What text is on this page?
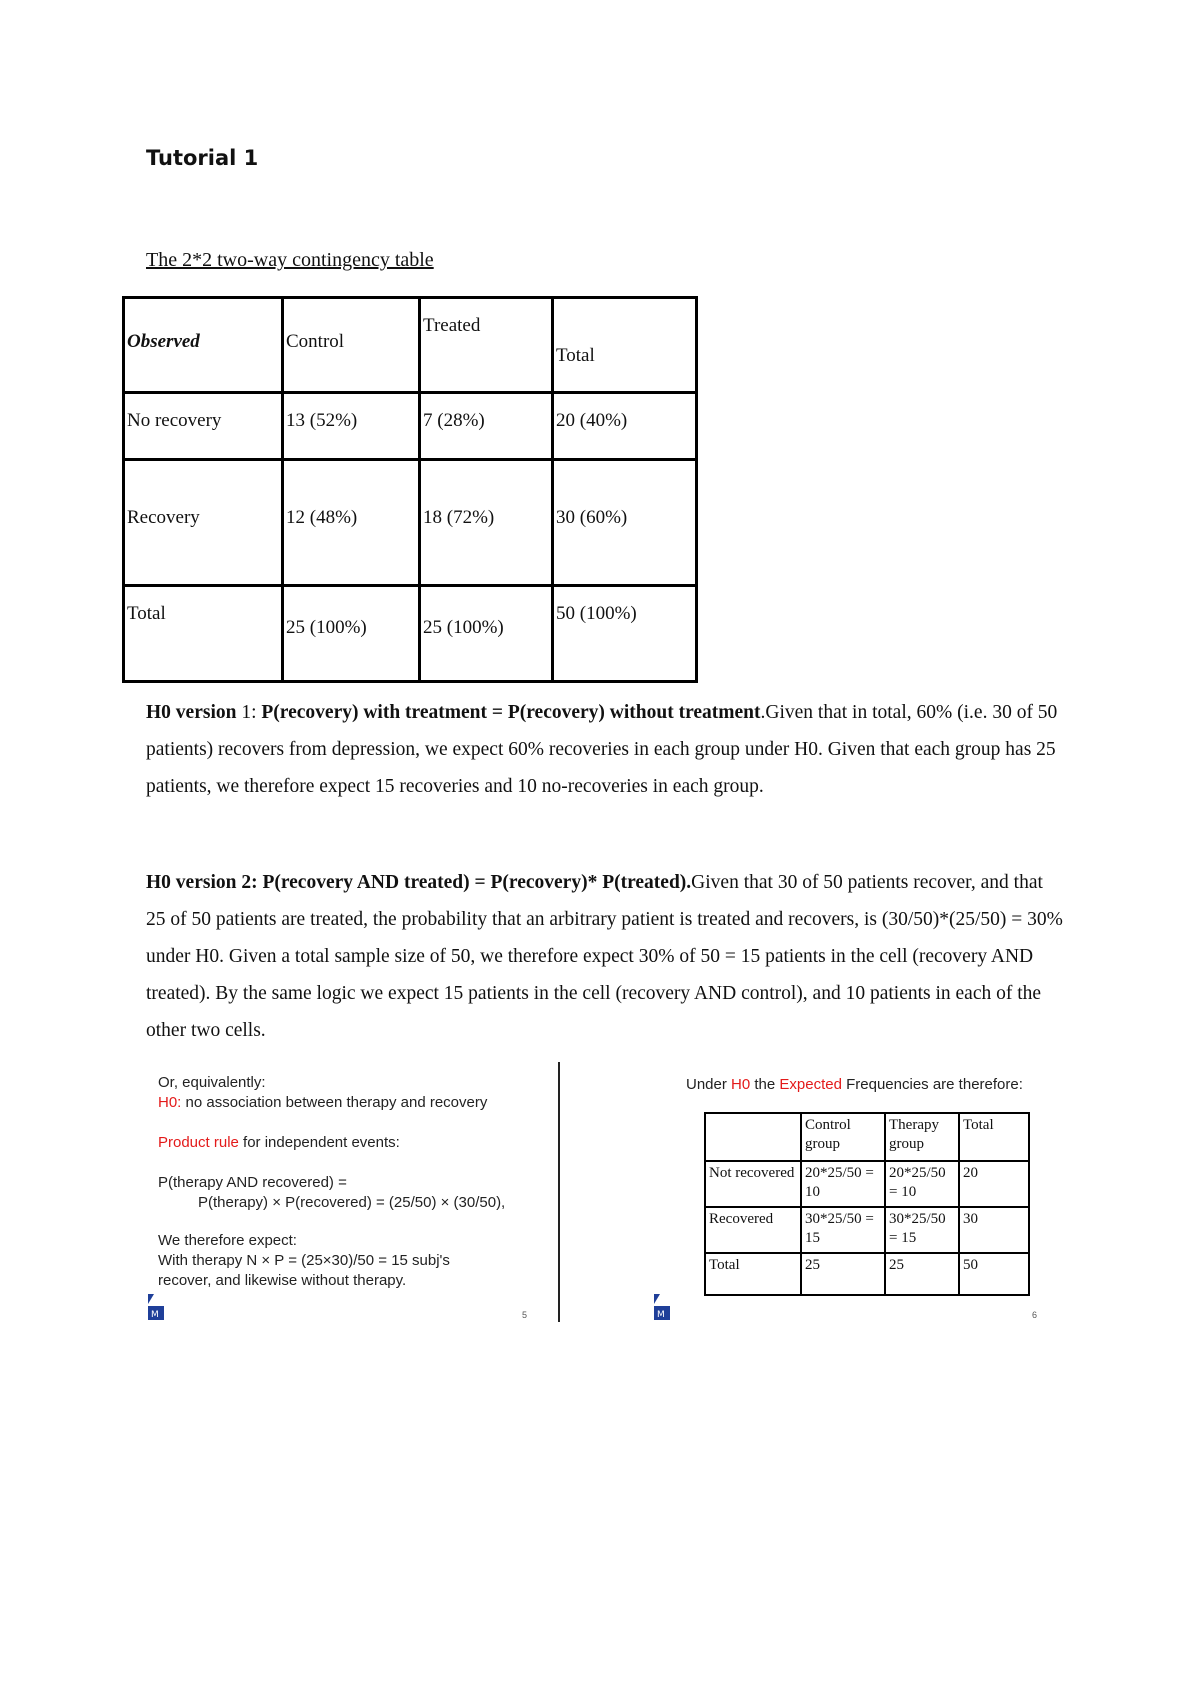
Tutorial 1
The 2*2 two-way contingency table
Observed	Control	Treated	Total

No recovery	13 (52%)	7 (28%)	20 (40%)

Recovery	12 (48%)	18 (72%)	30 (60%)

Total	25 (100%)	25 (100%)	50 (100%)
H0 version 1: P(recovery) with treatment = P(recovery) without treatment.Given that in total, 60% (i.e. 30 of 50 patients) recovers from depression, we expect 60% recoveries in each group under H0. Given that each group has 25 patients, we therefore expect 15 recoveries and 10 no-recoveries in each group.
H0 version 2: P(recovery AND treated) = P(recovery)* P(treated).Given that 30 of 50 patients recover, and that 25 of 50 patients are treated, the probability that an arbitrary patient is treated and recovers, is (30/50)*(25/50) = 30% under H0. Given a total sample size of 50, we therefore expect 30% of 50 = 15 patients in the cell (recovery AND treated). By the same logic we expect 15 patients in the cell (recovery AND control), and 10 patients in each of the other two cells.
Or, equivalently:
H0: no association between therapy and recovery
Product rule for independent events:
P(therapy AND recovered) =
P(therapy) × P(recovered) = (25/50) × (30/50),
We therefore expect:
With therapy N × P = (25×30)/50 = 15 subj's
recover, and likewise without therapy.
M	5
Under H0 the Expected Frequencies are therefore:
	Control group	Therapy group	Total
Not recovered	20*25/50 = 10	20*25/50 = 10	20
Recovered	30*25/50 = 15	30*25/50 = 15	30
Total	25	25	50
M	6
